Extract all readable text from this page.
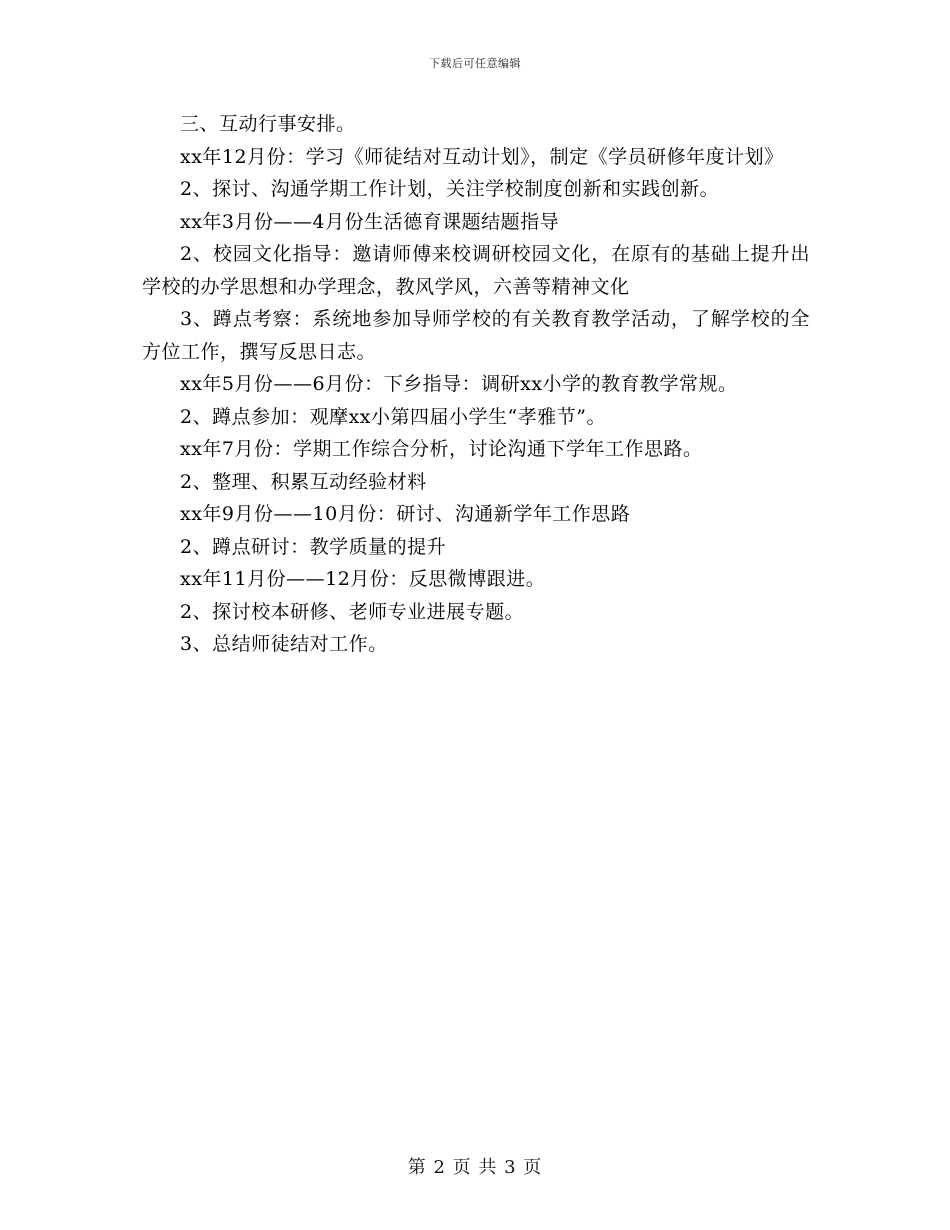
下载后可任意编辑

三、互动行事安排。

xx年12月份：学习《师徒结对互动计划》，制定《学员研修年度计划》

2、探讨、沟通学期工作计划，关注学校制度创新和实践创新。

xx年3月份——4月份生活德育课题结题指导

2、校园文化指导：邀请师傅来校调研校园文化，在原有的基础上提升出学校的办学思想和办学理念，教风学风，六善等精神文化

3、蹲点考察：系统地参加导师学校的有关教育教学活动，了解学校的全方位工作，撰写反思日志。

xx年5月份——6月份：下乡指导：调研xx小学的教育教学常规。

2、蹲点参加：观摩xx小第四届小学生“孝雅节”。

xx年7月份：学期工作综合分析，讨论沟通下学年工作思路。

2、整理、积累互动经验材料

xx年9月份——10月份：研讨、沟通新学年工作思路

2、蹲点研讨：教学质量的提升

xx年11月份——12月份：反思微博跟进。

2、探讨校本研修、老师专业进展专题。

3、总结师徒结对工作。

第 2 页 共 3 页
